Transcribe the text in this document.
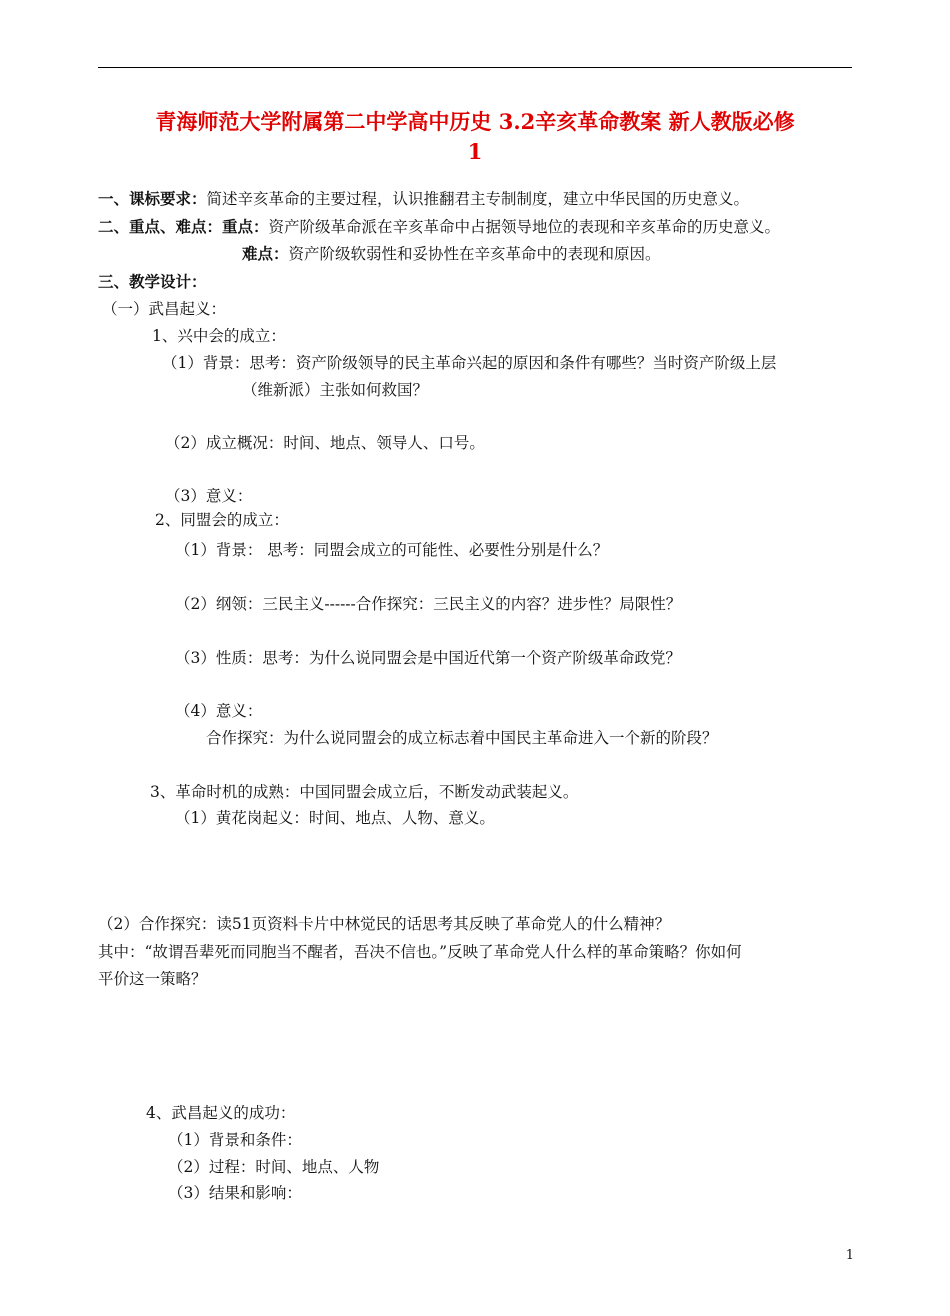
青海师范大学附属第二中学高中历史 3.2辛亥革命教案 新人教版必修
1
一、课标要求：简述辛亥革命的主要过程，认识推翻君主专制制度，建立中华民国的历史意义。
二、重点、难点：重点：资产阶级革命派在辛亥革命中占据领导地位的表现和辛亥革命的历史意义。
难点：资产阶级软弱性和妥协性在辛亥革命中的表现和原因。
三、教学设计：
（一）武昌起义：
1、兴中会的成立：
（1）背景：思考：资产阶级领导的民主革命兴起的原因和条件有哪些？当时资产阶级上层
（维新派）主张如何救国？
（2）成立概况：时间、地点、领导人、口号。
（3）意义：
2、同盟会的成立：
（1）背景： 思考：同盟会成立的可能性、必要性分别是什么？
（2）纲领：三民主义------合作探究：三民主义的内容？进步性？局限性？
（3）性质：思考：为什么说同盟会是中国近代第一个资产阶级革命政党？
（4）意义：
合作探究：为什么说同盟会的成立标志着中国民主革命进入一个新的阶段？
3、革命时机的成熟：中国同盟会成立后，不断发动武装起义。
（1）黄花岗起义：时间、地点、人物、意义。
（2）合作探究：读51页资料卡片中林觉民的话思考其反映了革命党人的什么精神？
其中：“故谓吾辈死而同胞当不醒者，吾决不信也。”反映了革命党人什么样的革命策略？你如何
平价这一策略？
4、武昌起义的成功：
（1）背景和条件：
（2）过程：时间、地点、人物
（3）结果和影响：
1
